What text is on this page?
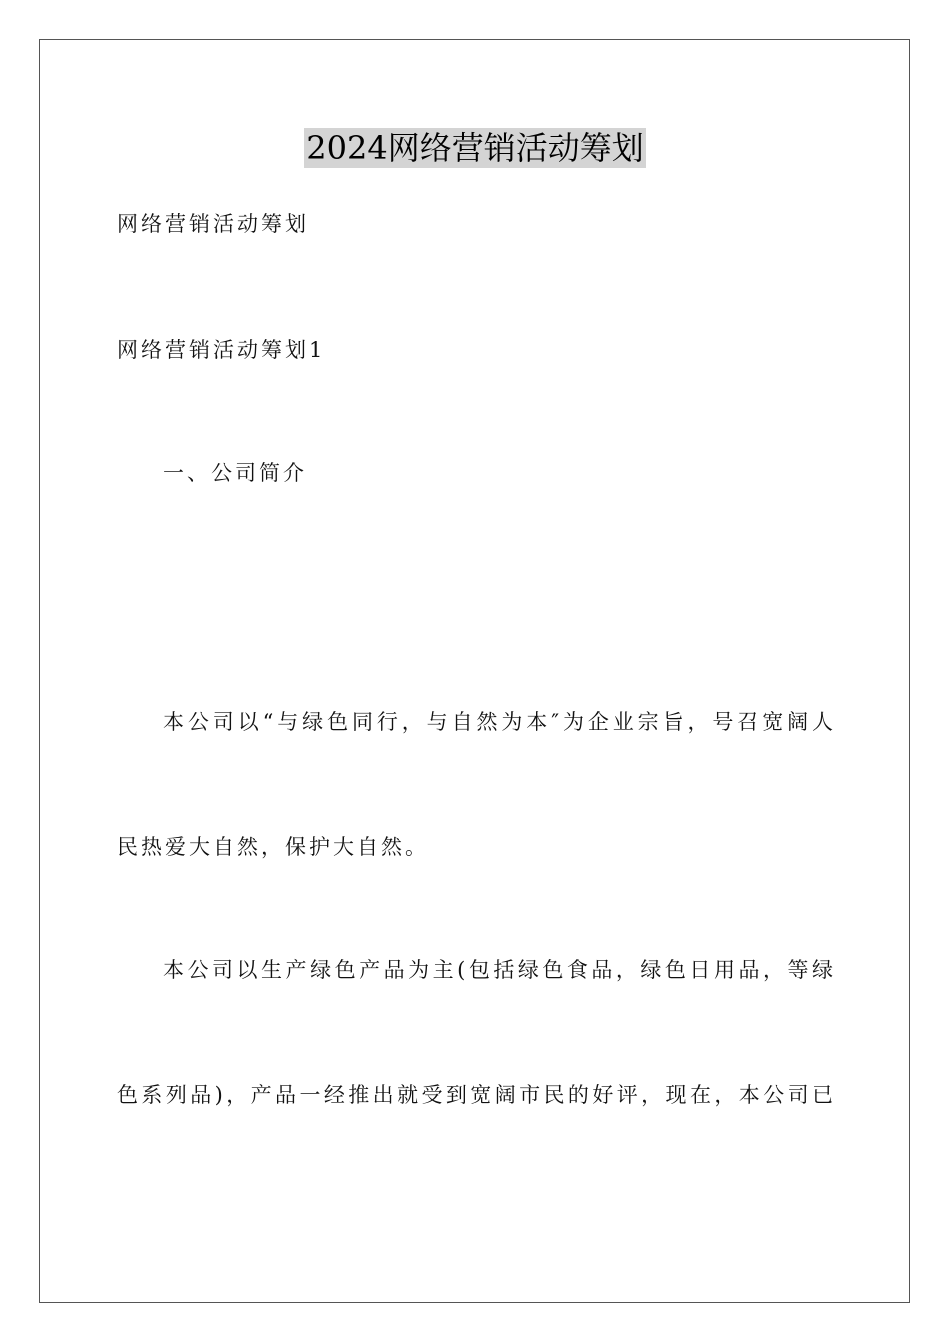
2024网络营销活动筹划
网络营销活动筹划
网络营销活动筹划1
一、公司简介
本公司以“与绿色同行，与自然为本″为企业宗旨，号召宽阔人
民热爱大自然，保护大自然。
本公司以生产绿色产品为主(包括绿色食品，绿色日用品，等绿
色系列品)，产品一经推出就受到宽阔市民的好评，现在，本公司已
